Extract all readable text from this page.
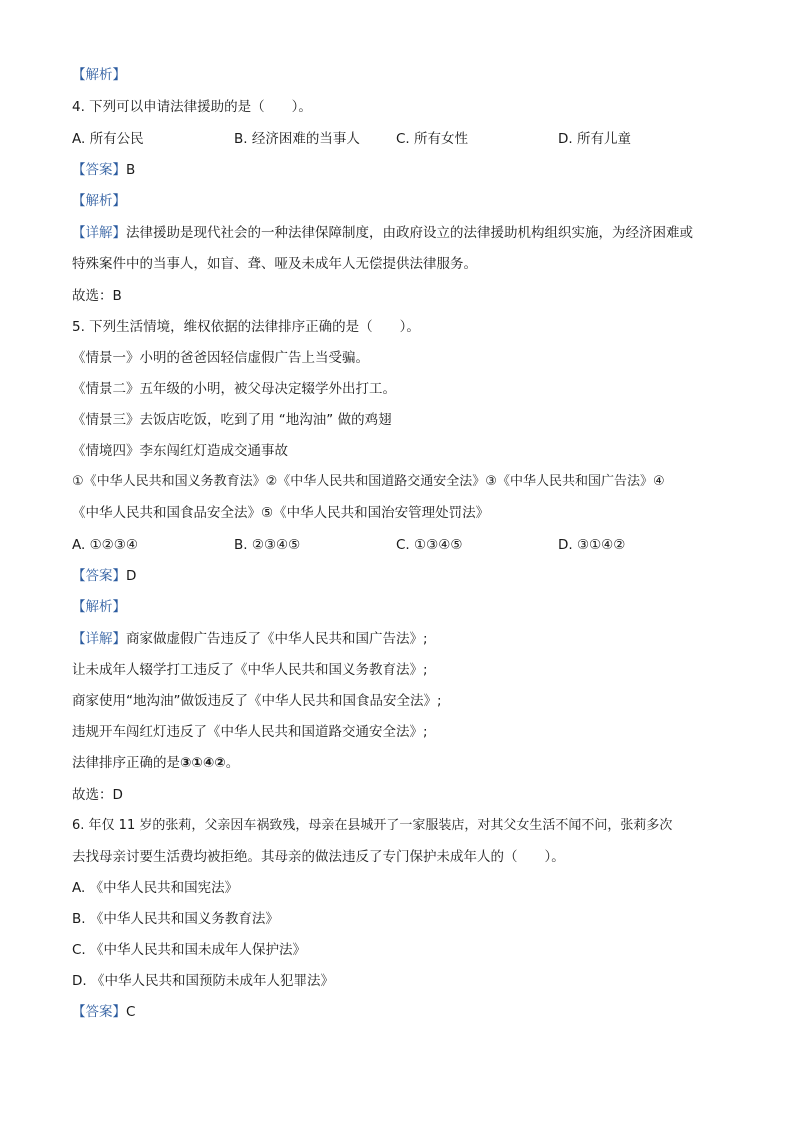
【解析】
4. 下列可以申请法律援助的是（　　）。
A. 所有公民	B. 经济困难的当事人	C. 所有女性	D. 所有儿童
【答案】B
【解析】
【详解】法律援助是现代社会的一种法律保障制度，由政府设立的法律援助机构组织实施，为经济困难或
特殊案件中的当事人，如盲、聋、哑及未成年人无偿提供法律服务。
故选：B
5. 下列生活情境，维权依据的法律排序正确的是（　　）。
《情景一》小明的爸爸因轻信虚假广告上当受骗。
《情景二》五年级的小明，被父母决定辍学外出打工。
《情景三》去饭店吃饭，吃到了用 “地沟油” 做的鸡翅
《情境四》李东闯红灯造成交通事故
①《中华人民共和国义务教育法》②《中华人民共和国道路交通安全法》③《中华人民共和国广告法》④
《中华人民共和国食品安全法》⑤《中华人民共和国治安管理处罚法》
A. ①②③④	B. ②③④⑤	C. ①③④⑤	D. ③①④②
【答案】D
【解析】
【详解】商家做虚假广告违反了《中华人民共和国广告法》;
让未成年人辍学打工违反了《中华人民共和国义务教育法》;
商家使用“地沟油”做饭违反了《中华人民共和国食品安全法》;
违规开车闯红灯违反了《中华人民共和国道路交通安全法》;
法律排序正确的是③①④②。
故选：D
6. 年仅 11 岁的张莉，父亲因车祸致残，母亲在县城开了一家服装店，对其父女生活不闻不问，张莉多次
去找母亲讨要生活费均被拒绝。其母亲的做法违反了专门保护未成年人的（　　）。
A. 《中华人民共和国宪法》
B. 《中华人民共和国义务教育法》
C. 《中华人民共和国未成年人保护法》
D. 《中华人民共和国预防未成年人犯罪法》
【答案】C
